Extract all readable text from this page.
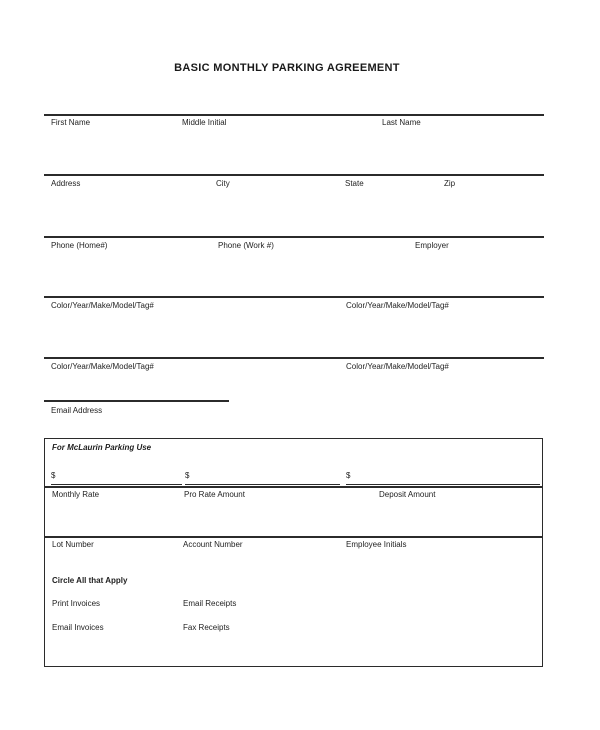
BASIC MONTHLY PARKING AGREEMENT
First Name	Middle Initial	Last Name
Address	City	State	Zip
Phone (Home#)	Phone (Work #)	Employer
Color/Year/Make/Model/Tag#	Color/Year/Make/Model/Tag#
Color/Year/Make/Model/Tag#	Color/Year/Make/Model/Tag#
Email Address
For McLaurin Parking Use
$	$	$
Monthly Rate	Pro Rate Amount	Deposit Amount
Lot Number	Account Number	Employee Initials
Circle All that Apply
Print Invoices	Email Receipts
Email Invoices	Fax Receipts
